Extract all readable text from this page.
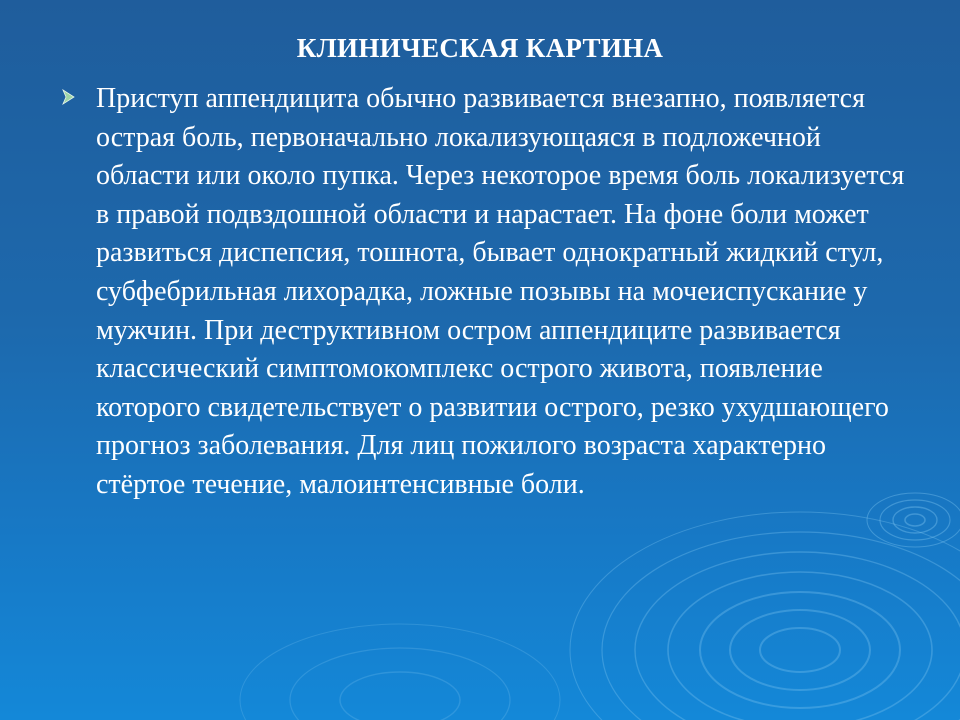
КЛИНИЧЕСКАЯ КАРТИНА

Приступ аппендицита обычно развивается внезапно, появляется острая боль, первоначально локализующаяся в подложечной области или около пупка. Через некоторое время боль локализуется в правой подвздошной области и нарастает. На фоне боли может развиться диспепсия, тошнота, бывает однократный жидкий стул, субфебрильная лихорадка, ложные позывы на мочеиспускание у мужчин. При деструктивном остром аппендиците развивается классический симптомокомплекс острого живота, появление которого свидетельствует о развитии острого, резко ухудшающего прогноз заболевания. Для лиц пожилого возраста характерно стёртое течение, малоинтенсивные боли.
